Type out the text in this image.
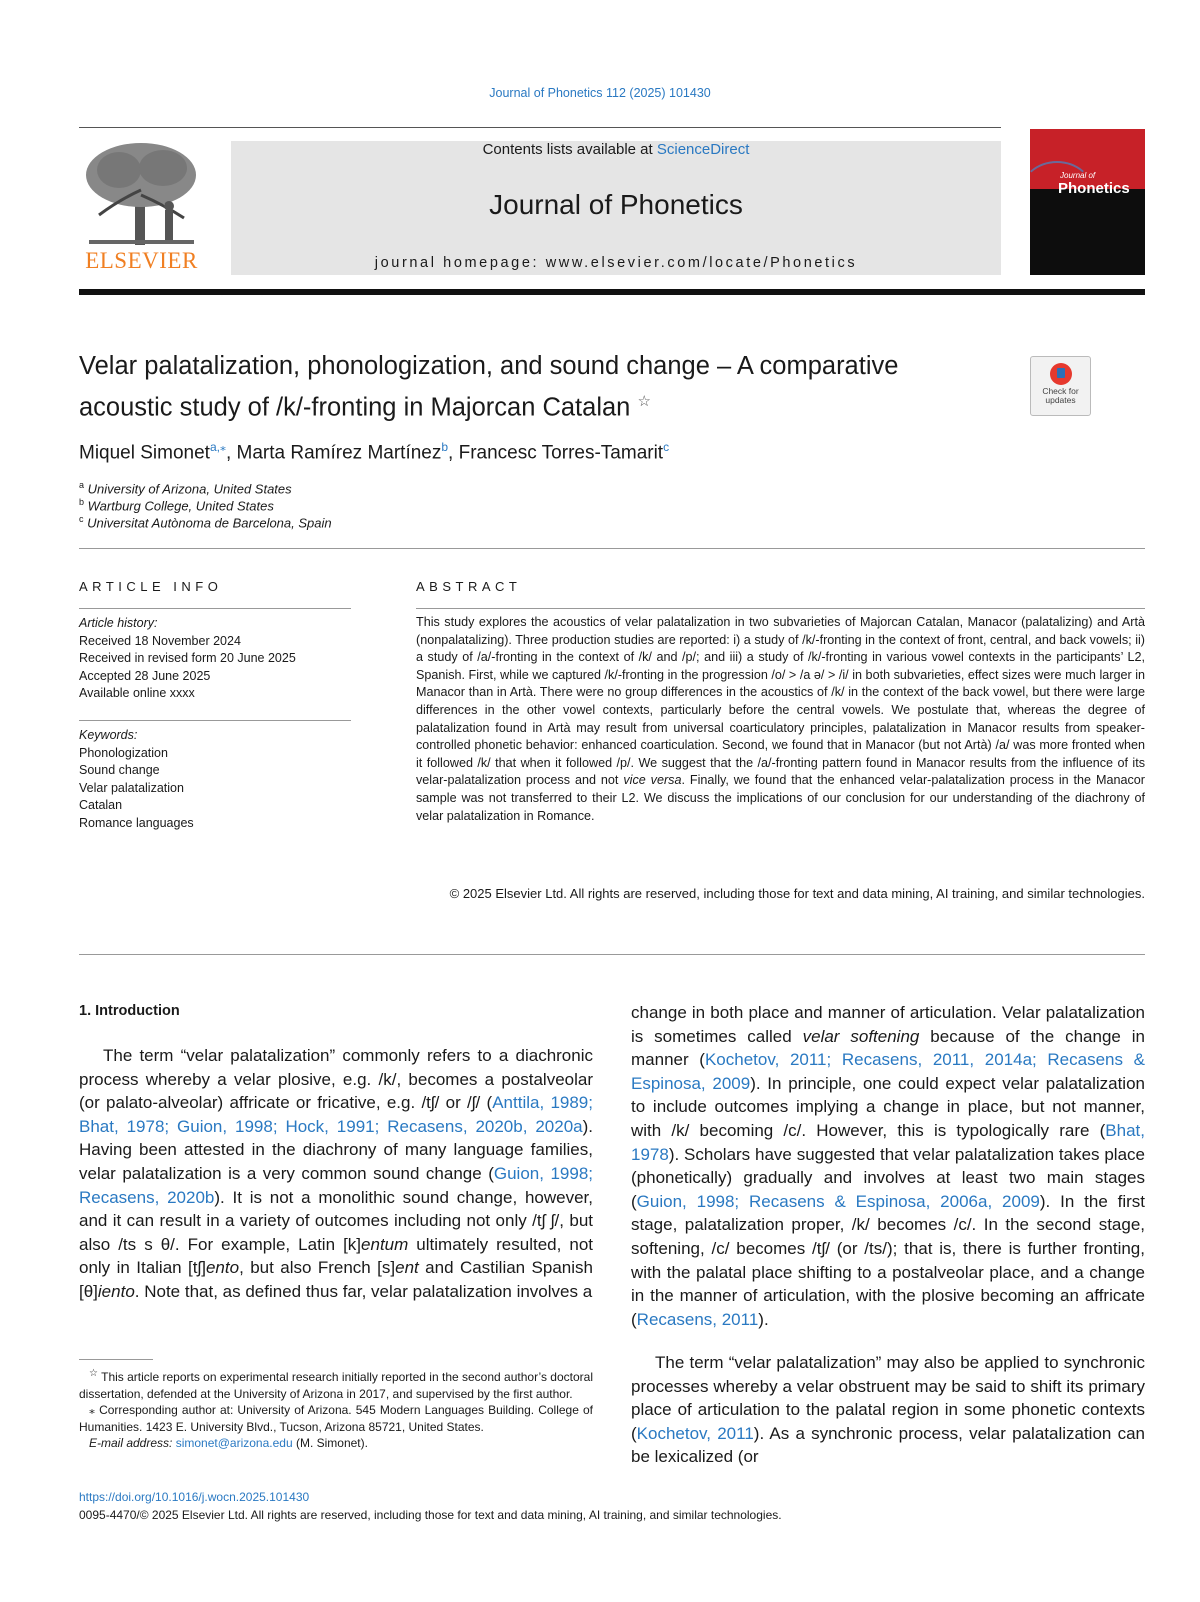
Journal of Phonetics 112 (2025) 101430
ELSEVIER
Contents lists available at ScienceDirect
Journal of Phonetics
journal homepage: www.elsevier.com/locate/Phonetics
Journal of
Phonetics
Velar palatalization, phonologization, and sound change – A comparative acoustic study of /k/-fronting in Majorcan Catalan ☆
Check for updates
Miquel Simonet$^{a,⁎}$, Marta Ramírez Martínez$^b$, Francesc Torres-Tamarit$^c$
$^a$ University of Arizona, United States
$^b$ Wartburg College, United States
$^c$ Universitat Autònoma de Barcelona, Spain
ARTICLE INFO	ABSTRACT
Article history:
Received 18 November 2024
Received in revised form 20 June 2025
Accepted 28 June 2025
Available online xxxx
Keywords:
Phonologization
Sound change
Velar palatalization
Catalan
Romance languages
This study explores the acoustics of velar palatalization in two subvarieties of Majorcan Catalan, Manacor (palatalizing) and Artà (nonpalatalizing). Three production studies are reported: i) a study of /k/-fronting in the context of front, central, and back vowels; ii) a study of /a/-fronting in the context of /k/ and /p/; and iii) a study of /k/-fronting in various vowel contexts in the participants’ L2, Spanish. First, while we captured /k/-fronting in the progression /o/ > /a ə/ > /i/ in both subvarieties, effect sizes were much larger in Manacor than in Artà. There were no group differences in the acoustics of /k/ in the context of the back vowel, but there were large differences in the other vowel contexts, particularly before the central vowels. We postulate that, whereas the degree of palatalization found in Artà may result from universal coarticulatory principles, palatalization in Manacor results from speaker-controlled phonetic behavior: enhanced coarticulation. Second, we found that in Manacor (but not Artà) /a/ was more fronted when it followed /k/ that when it followed /p/. We suggest that the /a/-fronting pattern found in Manacor results from the influence of its velar-palatalization process and not vice versa. Finally, we found that the enhanced velar-palatalization process in the Manacor sample was not transferred to their L2. We discuss the implications of our conclusion for our understanding of the diachrony of velar palatalization in Romance.
© 2025 Elsevier Ltd. All rights are reserved, including those for text and data mining, AI training, and similar technologies.
1. Introduction
The term “velar palatalization” commonly refers to a diachronic process whereby a velar plosive, e.g. /k/, becomes a postalveolar (or palato-alveolar) affricate or fricative, e.g. /tʃ/ or /ʃ/ (Anttila, 1989; Bhat, 1978; Guion, 1998; Hock, 1991; Recasens, 2020b, 2020a). Having been attested in the diachrony of many language families, velar palatalization is a very common sound change (Guion, 1998; Recasens, 2020b). It is not a monolithic sound change, however, and it can result in a variety of outcomes including not only /tʃ ʃ/, but also /ts s θ/. For example, Latin [k]entum ultimately resulted, not only in Italian [tʃ]ento, but also French [s]ent and Castilian Spanish [θ]iento. Note that, as defined thus far, velar palatalization involves a
change in both place and manner of articulation. Velar palatalization is sometimes called velar softening because of the change in manner (Kochetov, 2011; Recasens, 2011, 2014a; Recasens & Espinosa, 2009). In principle, one could expect velar palatalization to include outcomes implying a change in place, but not manner, with /k/ becoming /c/. However, this is typologically rare (Bhat, 1978). Scholars have suggested that velar palatalization takes place (phonetically) gradually and involves at least two main stages (Guion, 1998; Recasens & Espinosa, 2006a, 2009). In the first stage, palatalization proper, /k/ becomes /c/. In the second stage, softening, /c/ becomes /tʃ/ (or /ts/); that is, there is further fronting, with the palatal place shifting to a postalveolar place, and a change in the manner of articulation, with the plosive becoming an affricate (Recasens, 2011).
The term “velar palatalization” may also be applied to synchronic processes whereby a velar obstruent may be said to shift its primary place of articulation to the palatal region in some phonetic contexts (Kochetov, 2011). As a synchronic process, velar palatalization can be lexicalized (or

☆ This article reports on experimental research initially reported in the second author’s doctoral dissertation, defended at the University of Arizona in 2017, and supervised by the first author.

⁎ Corresponding author at: University of Arizona. 545 Modern Languages Building. College of Humanities. 1423 E. University Blvd., Tucson, Arizona 85721, United States.

E-mail address: simonet@arizona.edu (M. Simonet).

https://doi.org/10.1016/j.wocn.2025.101430
0095-4470/© 2025 Elsevier Ltd. All rights are reserved, including those for text and data mining, AI training, and similar technologies.
